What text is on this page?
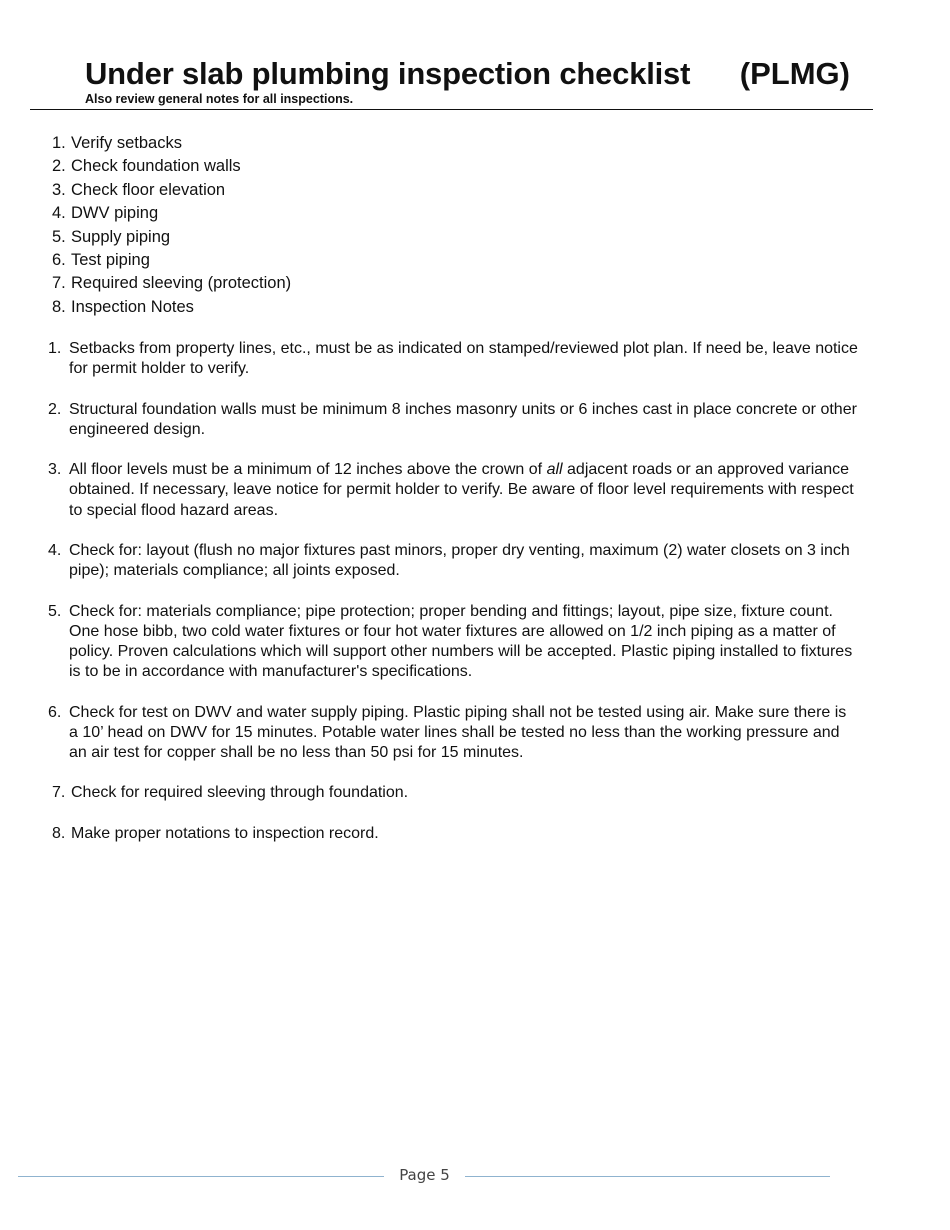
Under slab plumbing inspection checklist (PLMG)
Also review general notes for all inspections.
1. Verify setbacks
2. Check foundation walls
3. Check floor elevation
4. DWV piping
5. Supply piping
6. Test piping
7. Required sleeving (protection)
8. Inspection Notes
1. Setbacks from property lines, etc., must be as indicated on stamped/reviewed plot plan. If need be, leave notice for permit holder to verify.
2. Structural foundation walls must be minimum 8 inches masonry units or 6 inches cast in place concrete or other engineered design.
3. All floor levels must be a minimum of 12 inches above the crown of all adjacent roads or an approved variance obtained. If necessary, leave notice for permit holder to verify. Be aware of floor level requirements with respect to special flood hazard areas.
4. Check for: layout (flush no major fixtures past minors, proper dry venting, maximum (2) water closets on 3 inch pipe); materials compliance; all joints exposed.
5. Check for: materials compliance; pipe protection; proper bending and fittings; layout, pipe size, fixture count. One hose bibb, two cold water fixtures or four hot water fixtures are allowed on 1/2 inch piping as a matter of policy. Proven calculations which will support other numbers will be accepted. Plastic piping installed to fixtures is to be in accordance with manufacturer's specifications.
6. Check for test on DWV and water supply piping. Plastic piping shall not be tested using air. Make sure there is a 10’ head on DWV for 15 minutes. Potable water lines shall be tested no less than the working pressure and an air test for copper shall be no less than 50 psi for 15 minutes.
7. Check for required sleeving through foundation.
8. Make proper notations to inspection record.
Page 5
